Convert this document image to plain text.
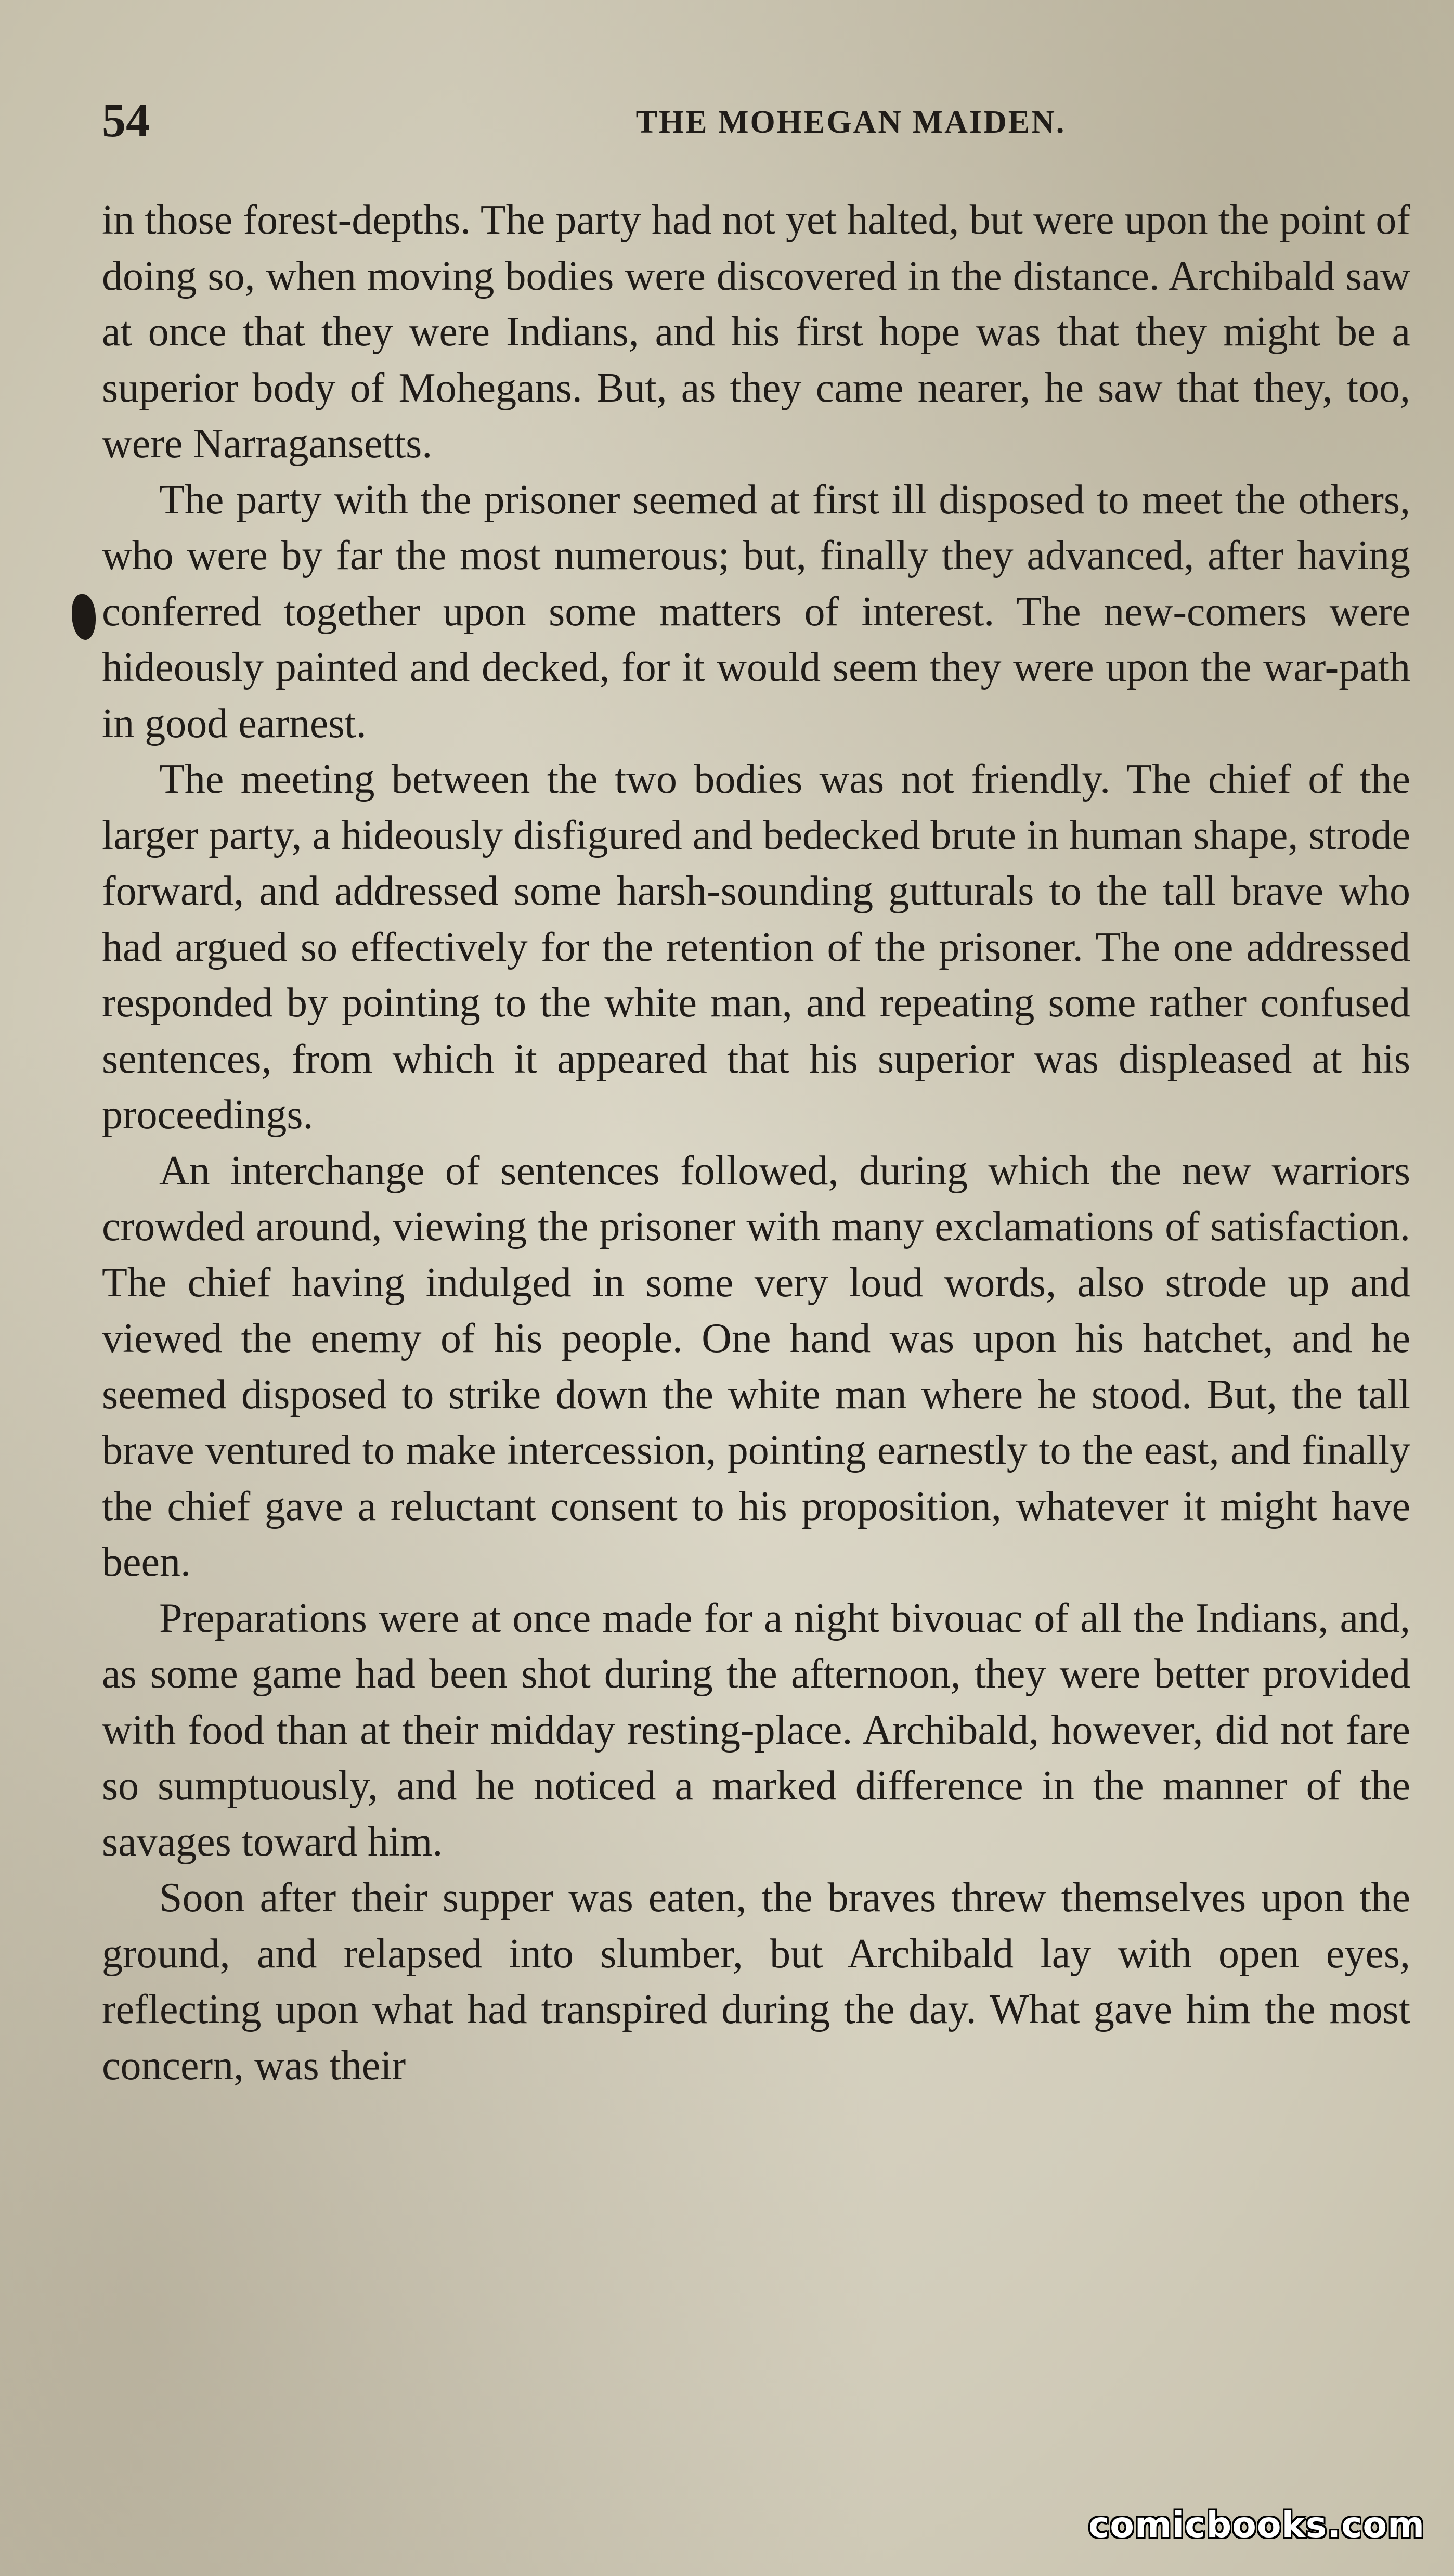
54	THE MOHEGAN MAIDEN.

in those forest-depths. The party had not yet halted, but were upon the point of doing so, when moving bodies were discovered in the distance. Archibald saw at once that they were Indians, and his first hope was that they might be a superior body of Mohegans. But, as they came nearer, he saw that they, too, were Narragansetts.

The party with the prisoner seemed at first ill disposed to meet the others, who were by far the most numerous; but, finally they advanced, after having conferred together upon some matters of interest. The new-comers were hideously painted and decked, for it would seem they were upon the war-path in good earnest.

The meeting between the two bodies was not friendly. The chief of the larger party, a hideously disfigured and bedecked brute in human shape, strode forward, and addressed some harsh-sounding gutturals to the tall brave who had argued so effectively for the retention of the prisoner. The one addressed responded by pointing to the white man, and repeating some rather confused sentences, from which it appeared that his superior was displeased at his proceedings.

An interchange of sentences followed, during which the new warriors crowded around, viewing the prisoner with many exclamations of satisfaction. The chief having indulged in some very loud words, also strode up and viewed the enemy of his people. One hand was upon his hatchet, and he seemed disposed to strike down the white man where he stood. But, the tall brave ventured to make intercession, pointing earnestly to the east, and finally the chief gave a reluctant consent to his proposition, whatever it might have been.

Preparations were at once made for a night bivouac of all the Indians, and, as some game had been shot during the afternoon, they were better provided with food than at their midday resting-place. Archibald, however, did not fare so sumptuously, and he noticed a marked difference in the manner of the savages toward him.

Soon after their supper was eaten, the braves threw themselves upon the ground, and relapsed into slumber, but Archibald lay with open eyes, reflecting upon what had transpired during the day. What gave him the most concern, was their

comicbooks.com
